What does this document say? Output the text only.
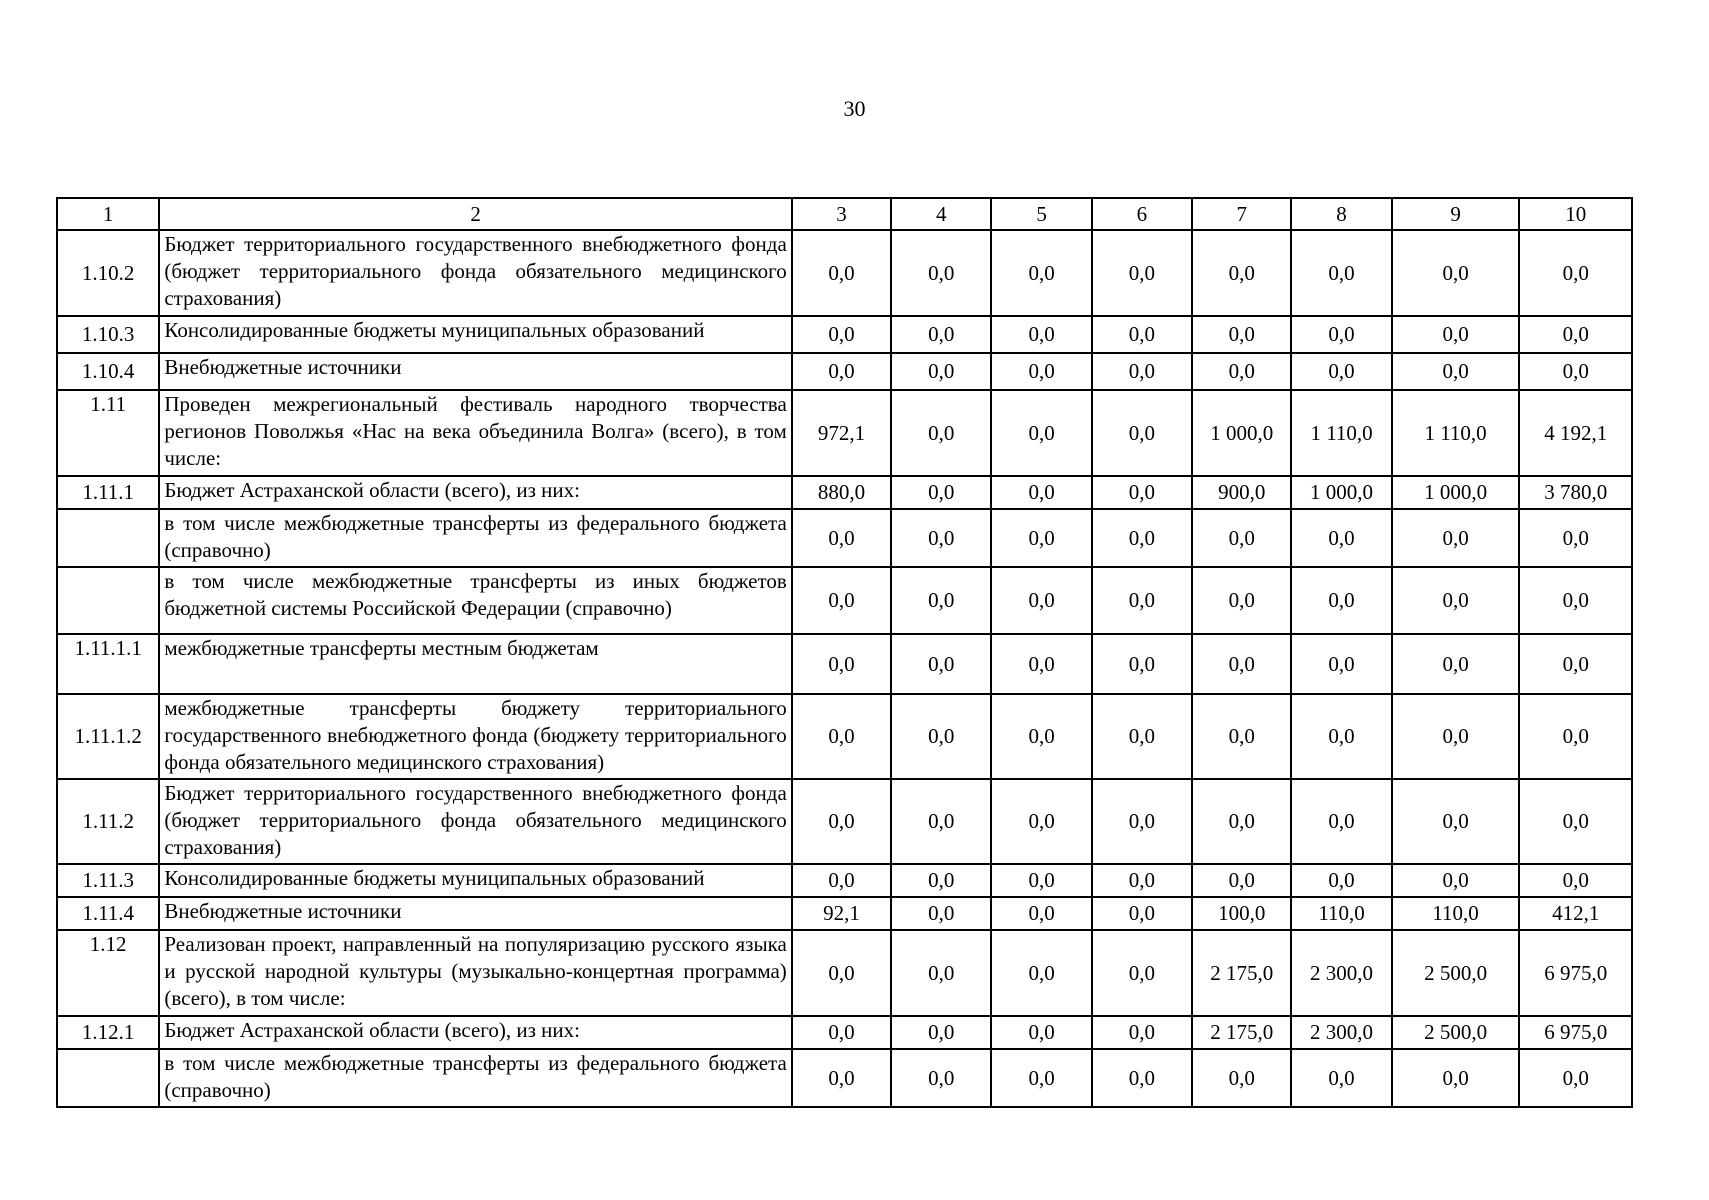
30
1	2	3	4	5	6	7	8	9	10
1.10.2	Бюджет территориального государственного внебюджетного фонда (бюджет территориального фонда обязательного медицинского страхования)	0,0	0,0	0,0	0,0	0,0	0,0	0,0	0,0
1.10.3	Консолидированные бюджеты муниципальных образований	0,0	0,0	0,0	0,0	0,0	0,0	0,0	0,0
1.10.4	Внебюджетные источники	0,0	0,0	0,0	0,0	0,0	0,0	0,0	0,0
1.11	Проведен межрегиональный фестиваль народного творчества регионов Поволжья «Нас на века объединила Волга» (всего), в том числе:	972,1	0,0	0,0	0,0	1 000,0	1 110,0	1 110,0	4 192,1
1.11.1	Бюджет Астраханской области (всего), из них:	880,0	0,0	0,0	0,0	900,0	1 000,0	1 000,0	3 780,0
	в том числе межбюджетные трансферты из федерального бюджета (справочно)	0,0	0,0	0,0	0,0	0,0	0,0	0,0	0,0
	в том числе межбюджетные трансферты из иных бюджетов бюджетной системы Российской Федерации (справочно)	0,0	0,0	0,0	0,0	0,0	0,0	0,0	0,0
1.11.1.1	межбюджетные трансферты местным бюджетам	0,0	0,0	0,0	0,0	0,0	0,0	0,0	0,0
1.11.1.2	межбюджетные трансферты бюджету территориального государственного внебюджетного фонда (бюджету территориального фонда обязательного медицинского страхования)	0,0	0,0	0,0	0,0	0,0	0,0	0,0	0,0
1.11.2	Бюджет территориального государственного внебюджетного фонда (бюджет территориального фонда обязательного медицинского страхования)	0,0	0,0	0,0	0,0	0,0	0,0	0,0	0,0
1.11.3	Консолидированные бюджеты муниципальных образований	0,0	0,0	0,0	0,0	0,0	0,0	0,0	0,0
1.11.4	Внебюджетные источники	92,1	0,0	0,0	0,0	100,0	110,0	110,0	412,1
1.12	Реализован проект, направленный на популяризацию русского языка и русской народной культуры (музыкально-концертная программа) (всего), в том числе:	0,0	0,0	0,0	0,0	2 175,0	2 300,0	2 500,0	6 975,0
1.12.1	Бюджет Астраханской области (всего), из них:	0,0	0,0	0,0	0,0	2 175,0	2 300,0	2 500,0	6 975,0
	в том числе межбюджетные трансферты из федерального бюджета (справочно)	0,0	0,0	0,0	0,0	0,0	0,0	0,0	0,0
